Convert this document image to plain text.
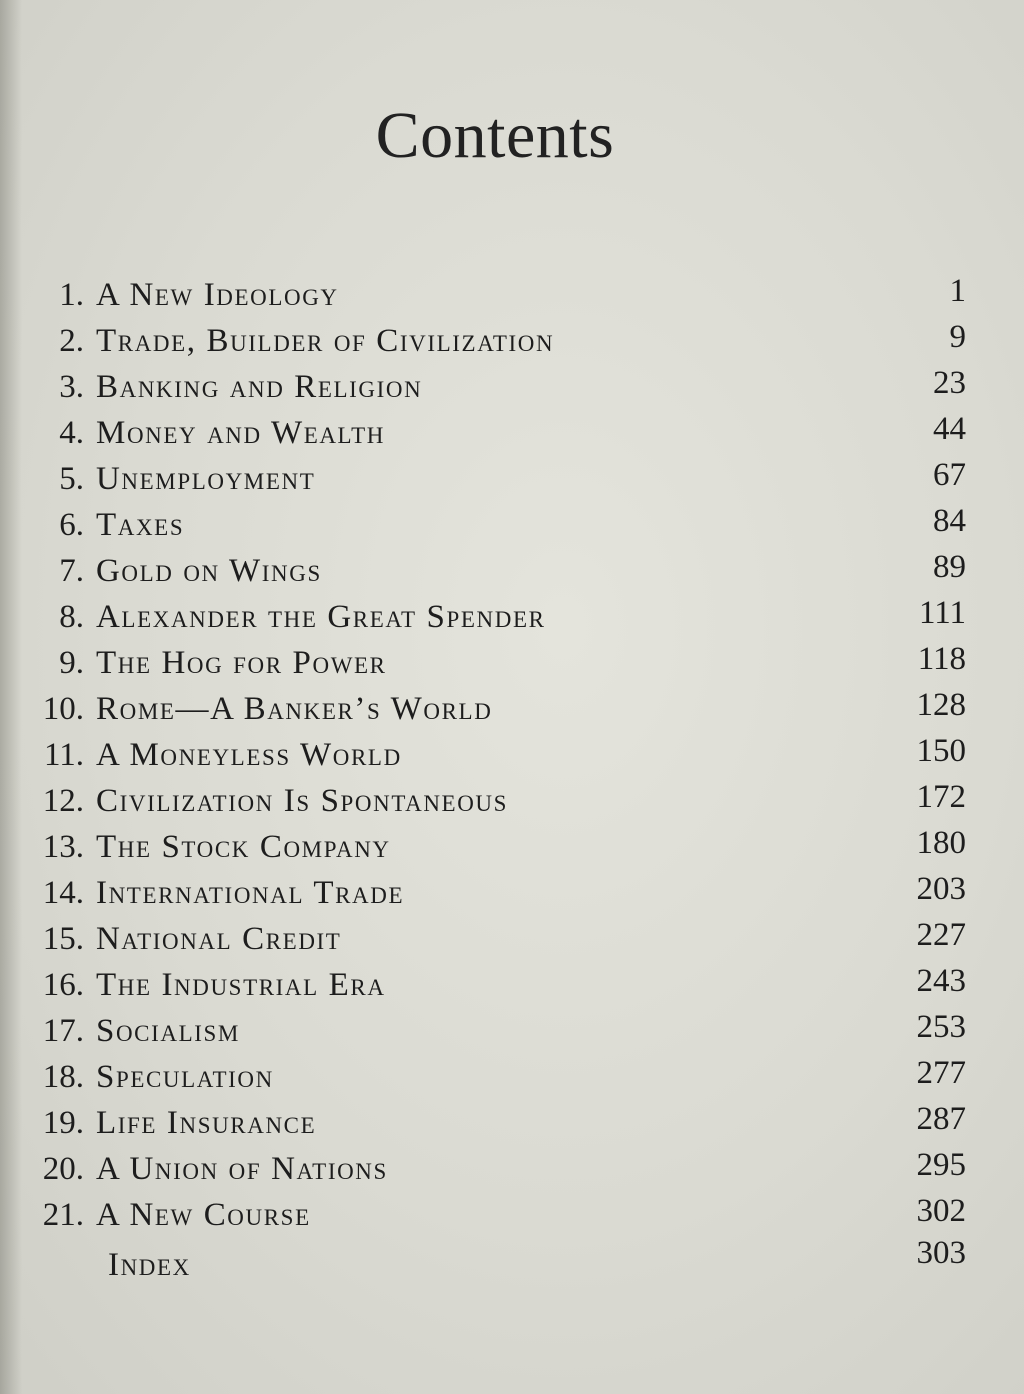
Contents
1. A New Ideology	1
2. Trade, Builder of Civilization	9
3. Banking and Religion	23
4. Money and Wealth	44
5. Unemployment	67
6. Taxes	84
7. Gold on Wings	89
8. Alexander the Great Spender	111
9. The Hog for Power	118
10. Rome—A Banker’s World	128
11. A Moneyless World	150
12. Civilization Is Spontaneous	172
13. The Stock Company	180
14. International Trade	203
15. National Credit	227
16. The Industrial Era	243
17. Socialism	253
18. Speculation	277
19. Life Insurance	287
20. A Union of Nations	295
21. A New Course	302
Index	303
